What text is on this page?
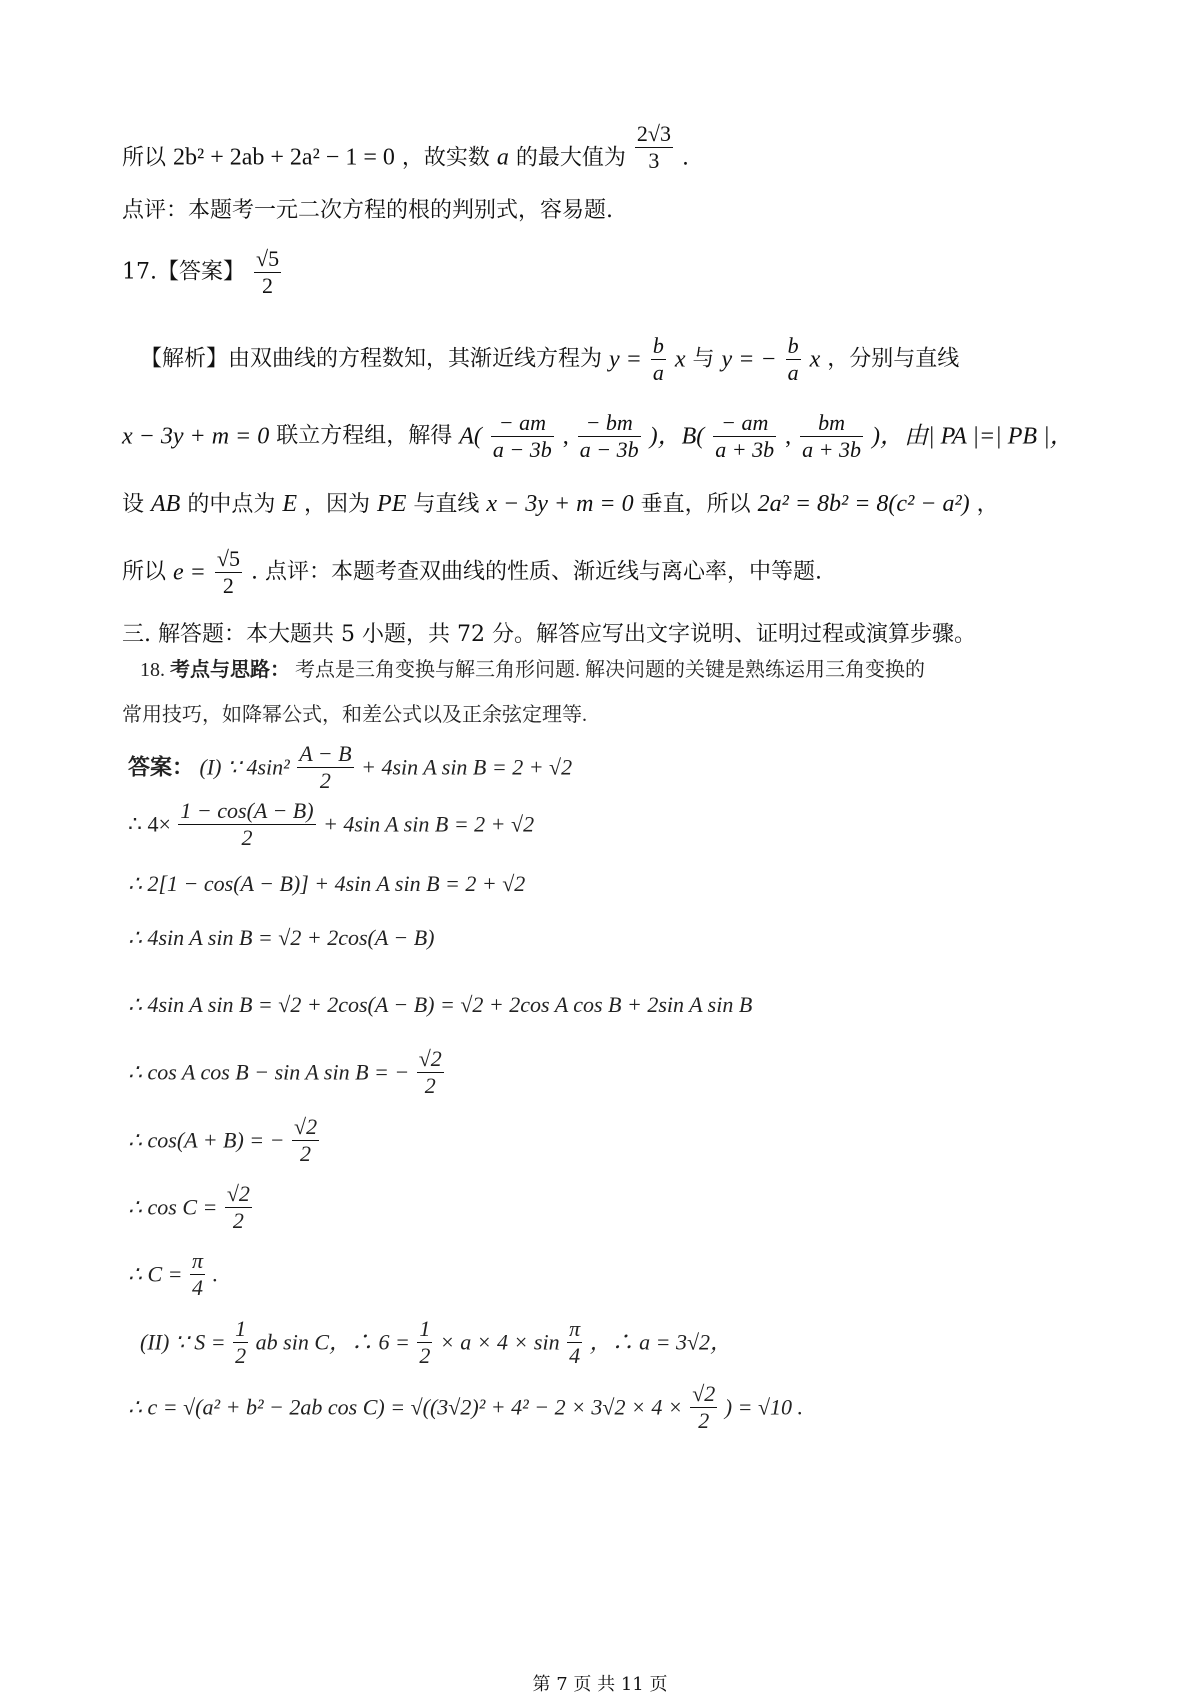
所以 2b² + 2ab + 2a² − 1 = 0 ，故实数 a 的最大值为 $\frac{2√3}{3}$ .
点评：本题考一元二次方程的根的判别式，容易题.
17.【答案】 $\frac{√5}{2}$
【解析】由双曲线的方程数知，其渐近线方程为 $y = \frac{b}{a}$ x 与 y = − $\frac{b}{a}$ x ，分别与直线
x − 3y + m = 0 联立方程组，解得 $A( \frac{- am}{a - 3b}$ , $\frac{- bm}{a - 3b}$ )，$B( \frac{- am}{a + 3b}$ , $\frac{bm}{a + 3b}$ )，由| PA |=| PB |，
设 AB 的中点为 E ，因为 PE 与直线 x − 3y + m = 0 垂直，所以 2a² = 8b² = 8(c² − a²) ，
所以 $e = \frac{√5}{2}$ . 点评：本题考查双曲线的性质、渐近线与离心率，中等题.
三. 解答题：本大题共 5 小题，共 72 分。解答应写出文字说明、证明过程或演算步骤。
18. 考点与思路： 考点是三角变换与解三角形问题. 解决问题的关键是熟练运用三角变换的
常用技巧，如降幂公式，和差公式以及正余弦定理等.
答案： (I) ∵ $4\sin^2 \frac{A - B}{2} + 4\sin$ A sin B = 2 + √2
∴ $4\times \frac{1 - \cos(A - B)}{2} + 4\sin$ A sin B = 2 + √2
∴ 2[1 − cos(A − B)] + 4sin A sin B = 2 + √2
∴ 4sin A sin B = √2 + 2cos(A − B)
∴ 4sin A sin B = √2 + 2cos(A − B) = √2 + 2cos A cos B + 2sin A sin B
∴ cos A cos B − sin A sin B = − $\frac{√2}{2}$
∴ cos(A + B) = − $\frac{√2}{2}$
∴ $\cos C = \frac{√2}{2}$
∴ $C = \frac{\pi}{4}$ .
(II) ∵ $S = \frac{1}{2}$ ab sin C，∴ $6 = \frac{1}{2} \times a \times 4 \times \sin \frac{\pi}{4}$ ，∴ a = 3√2，
∴ c = √(a² + b² − 2ab $\cos C) = √((3√2)^2 + 4^2 - 2 \times 3√2 \times 4 \times \frac{√2}{2}$ ) = √10 .
第 7 页 共 11 页
